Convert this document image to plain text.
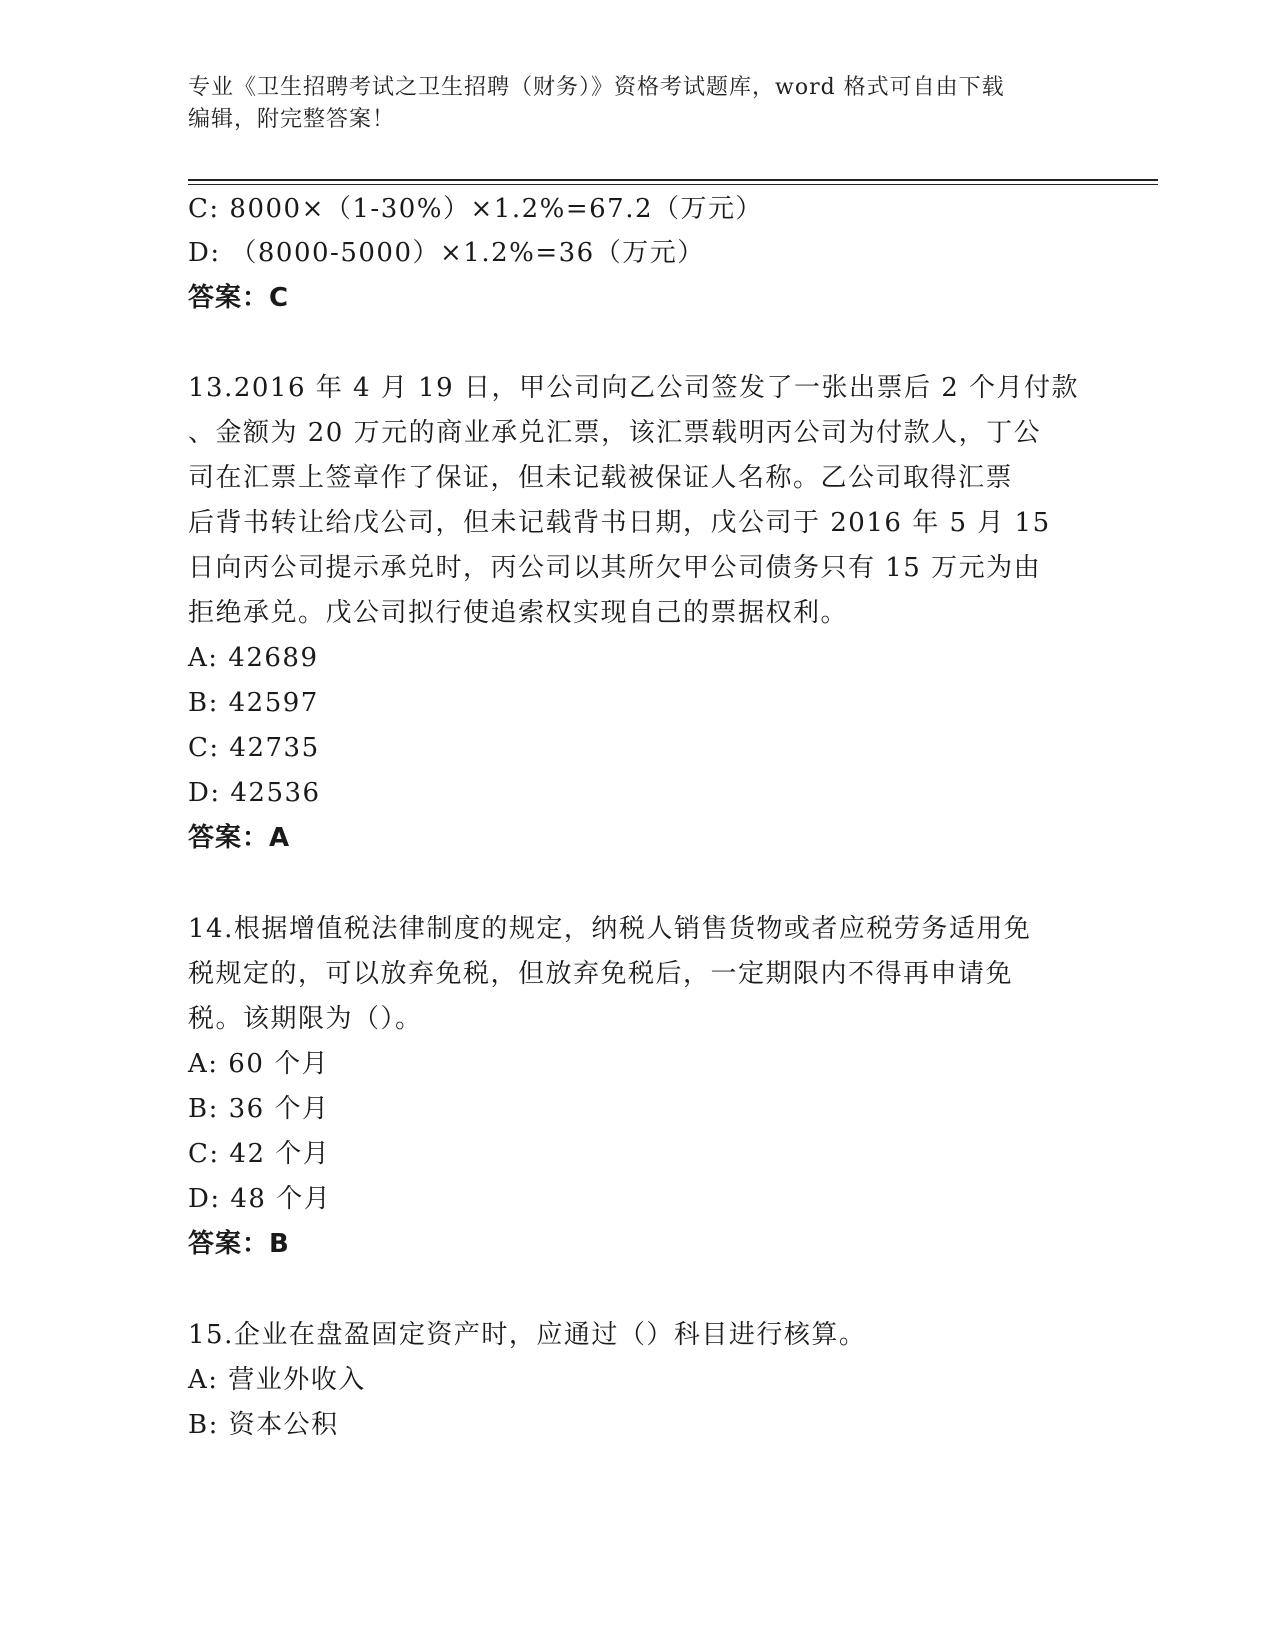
专业《卫生招聘考试之卫生招聘（财务）》资格考试题库，word 格式可自由下载
编辑，附完整答案！
C: 8000×（1-30%）×1.2%=67.2（万元）
D: （8000-5000）×1.2%=36（万元）
答案：C
13.2016 年 4 月 19 日，甲公司向乙公司签发了一张出票后 2 个月付款
、金额为 20 万元的商业承兑汇票，该汇票载明丙公司为付款人，丁公
司在汇票上签章作了保证，但未记载被保证人名称。乙公司取得汇票
后背书转让给戊公司，但未记载背书日期，戊公司于 2016 年 5 月 15
日向丙公司提示承兑时，丙公司以其所欠甲公司债务只有 15 万元为由
拒绝承兑。戊公司拟行使追索权实现自己的票据权利。
A: 42689
B: 42597
C: 42735
D: 42536
答案：A
14.根据增值税法律制度的规定，纳税人销售货物或者应税劳务适用免
税规定的，可以放弃免税，但放弃免税后，一定期限内不得再申请免
税。该期限为（）。
A: 60 个月
B: 36 个月
C: 42 个月
D: 48 个月
答案：B
15.企业在盘盈固定资产时，应通过（）科目进行核算。
A: 营业外收入
B: 资本公积
